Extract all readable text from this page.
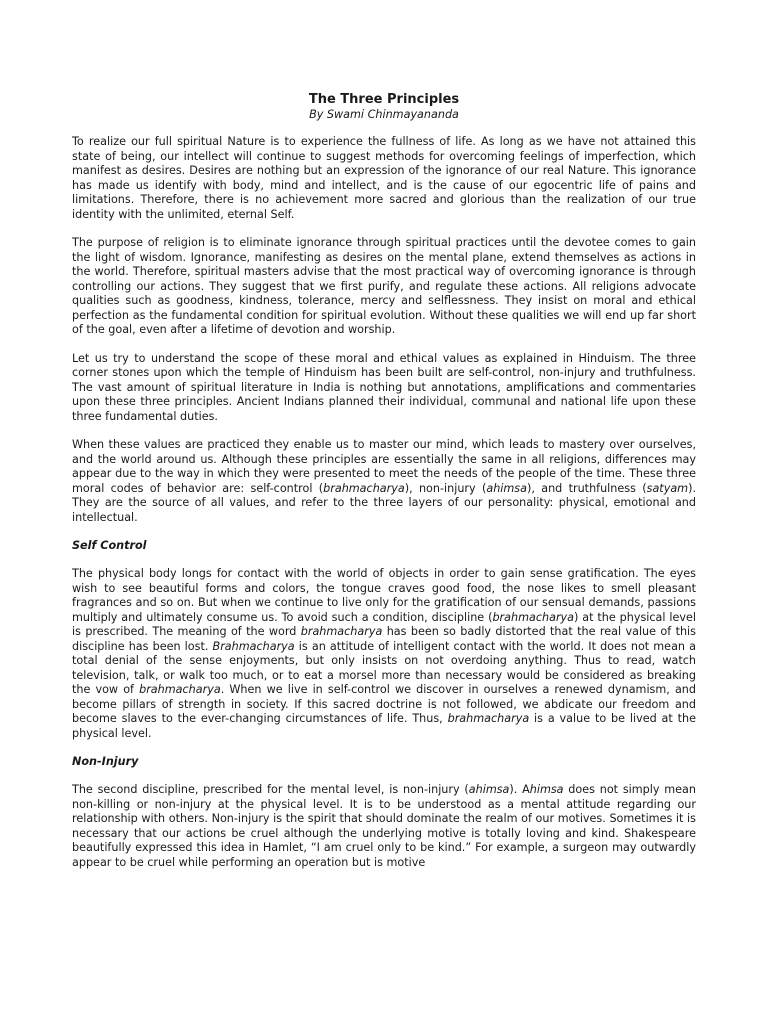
The Three Principles
By Swami Chinmayananda

To realize our full spiritual Nature is to experience the fullness of life. As long as we have not attained this state of being, our intellect will continue to suggest methods for overcoming feelings of imperfection, which manifest as desires. Desires are nothing but an expression of the ignorance of our real Nature. This ignorance has made us identify with body, mind and intellect, and is the cause of our egocentric life of pains and limitations. Therefore, there is no achievement more sacred and glorious than the realization of our true identity with the unlimited, eternal Self.

The purpose of religion is to eliminate ignorance through spiritual practices until the devotee comes to gain the light of wisdom. Ignorance, manifesting as desires on the mental plane, extend themselves as actions in the world. Therefore, spiritual masters advise that the most practical way of overcoming ignorance is through controlling our actions. They suggest that we first purify, and regulate these actions. All religions advocate qualities such as goodness, kindness, tolerance, mercy and selflessness. They insist on moral and ethical perfection as the fundamental condition for spiritual evolution. Without these qualities we will end up far short of the goal, even after a lifetime of devotion and worship.

Let us try to understand the scope of these moral and ethical values as explained in Hinduism. The three corner stones upon which the temple of Hinduism has been built are self-control, non-injury and truthfulness. The vast amount of spiritual literature in India is nothing but annotations, amplifications and commentaries upon these three principles. Ancient Indians planned their individual, communal and national life upon these three fundamental duties.

When these values are practiced they enable us to master our mind, which leads to mastery over ourselves, and the world around us. Although these principles are essentially the same in all religions, differences may appear due to the way in which they were presented to meet the needs of the people of the time. These three moral codes of behavior are: self-control (brahmacharya), non-injury (ahimsa), and truthfulness (satyam). They are the source of all values, and refer to the three layers of our personality: physical, emotional and intellectual.

Self Control

The physical body longs for contact with the world of objects in order to gain sense gratification. The eyes wish to see beautiful forms and colors, the tongue craves good food, the nose likes to smell pleasant fragrances and so on. But when we continue to live only for the gratification of our sensual demands, passions multiply and ultimately consume us. To avoid such a condition, discipline (brahmacharya) at the physical level is prescribed. The meaning of the word brahmacharya has been so badly distorted that the real value of this discipline has been lost. Brahmacharya is an attitude of intelligent contact with the world. It does not mean a total denial of the sense enjoyments, but only insists on not overdoing anything. Thus to read, watch television, talk, or walk too much, or to eat a morsel more than necessary would be considered as breaking the vow of brahmacharya. When we live in self-control we discover in ourselves a renewed dynamism, and become pillars of strength in society. If this sacred doctrine is not followed, we abdicate our freedom and become slaves to the ever-changing circumstances of life. Thus, brahmacharya is a value to be lived at the physical level.

Non-Injury

The second discipline, prescribed for the mental level, is non-injury (ahimsa). Ahimsa does not simply mean non-killing or non-injury at the physical level. It is to be understood as a mental attitude regarding our relationship with others. Non-injury is the spirit that should dominate the realm of our motives. Sometimes it is necessary that our actions be cruel although the underlying motive is totally loving and kind. Shakespeare beautifully expressed this idea in Hamlet, “I am cruel only to be kind.” For example, a surgeon may outwardly appear to be cruel while performing an operation but is motive
